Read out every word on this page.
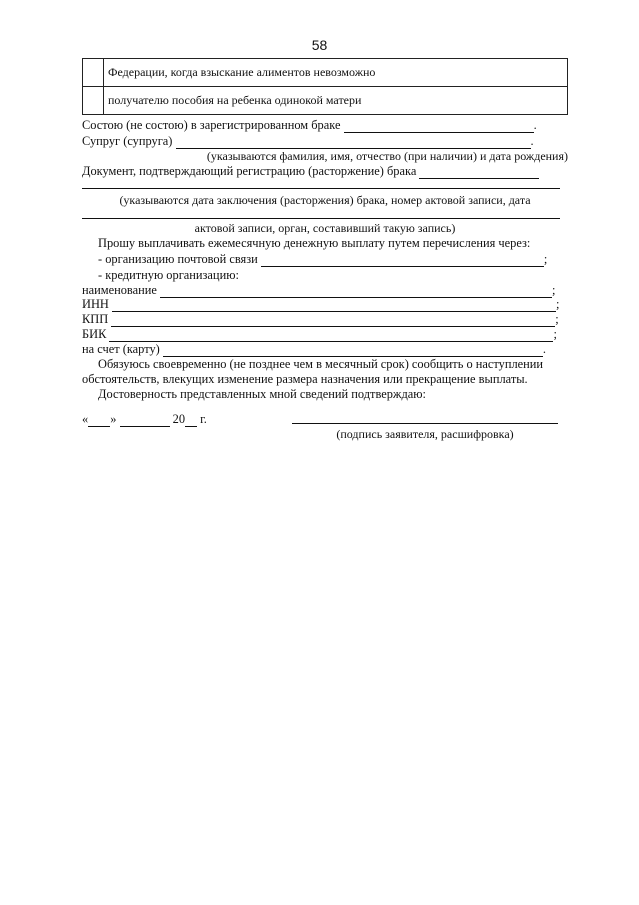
58
	Федерации, когда взыскание алиментов невозможно
	получателю пособия на ребенка одинокой матери
Состою (не состою) в зарегистрированном браке	.
Супруг (супруга)	.
(указываются фамилия, имя, отчество (при наличии) и дата рождения)
Документ, подтверждающий регистрацию (расторжение) брака
(указываются дата заключения (расторжения) брака, номер актовой записи, дата
актовой записи, орган, составивший такую запись)
Прошу выплачивать ежемесячную денежную выплату путем перечисления через:
- организацию почтовой связи	;
- кредитную организацию:
наименование	;
ИНН	;
КПП	;
БИК	;
на счет (карту)	.
Обязуюсь своевременно (не позднее чем в месячный срок) сообщить о наступлении
обстоятельств, влекущих изменение размера назначения или прекращение выплаты.
Достоверность представленных мной сведений подтверждаю:
« »	20 г.
(подпись заявителя, расшифровка)
